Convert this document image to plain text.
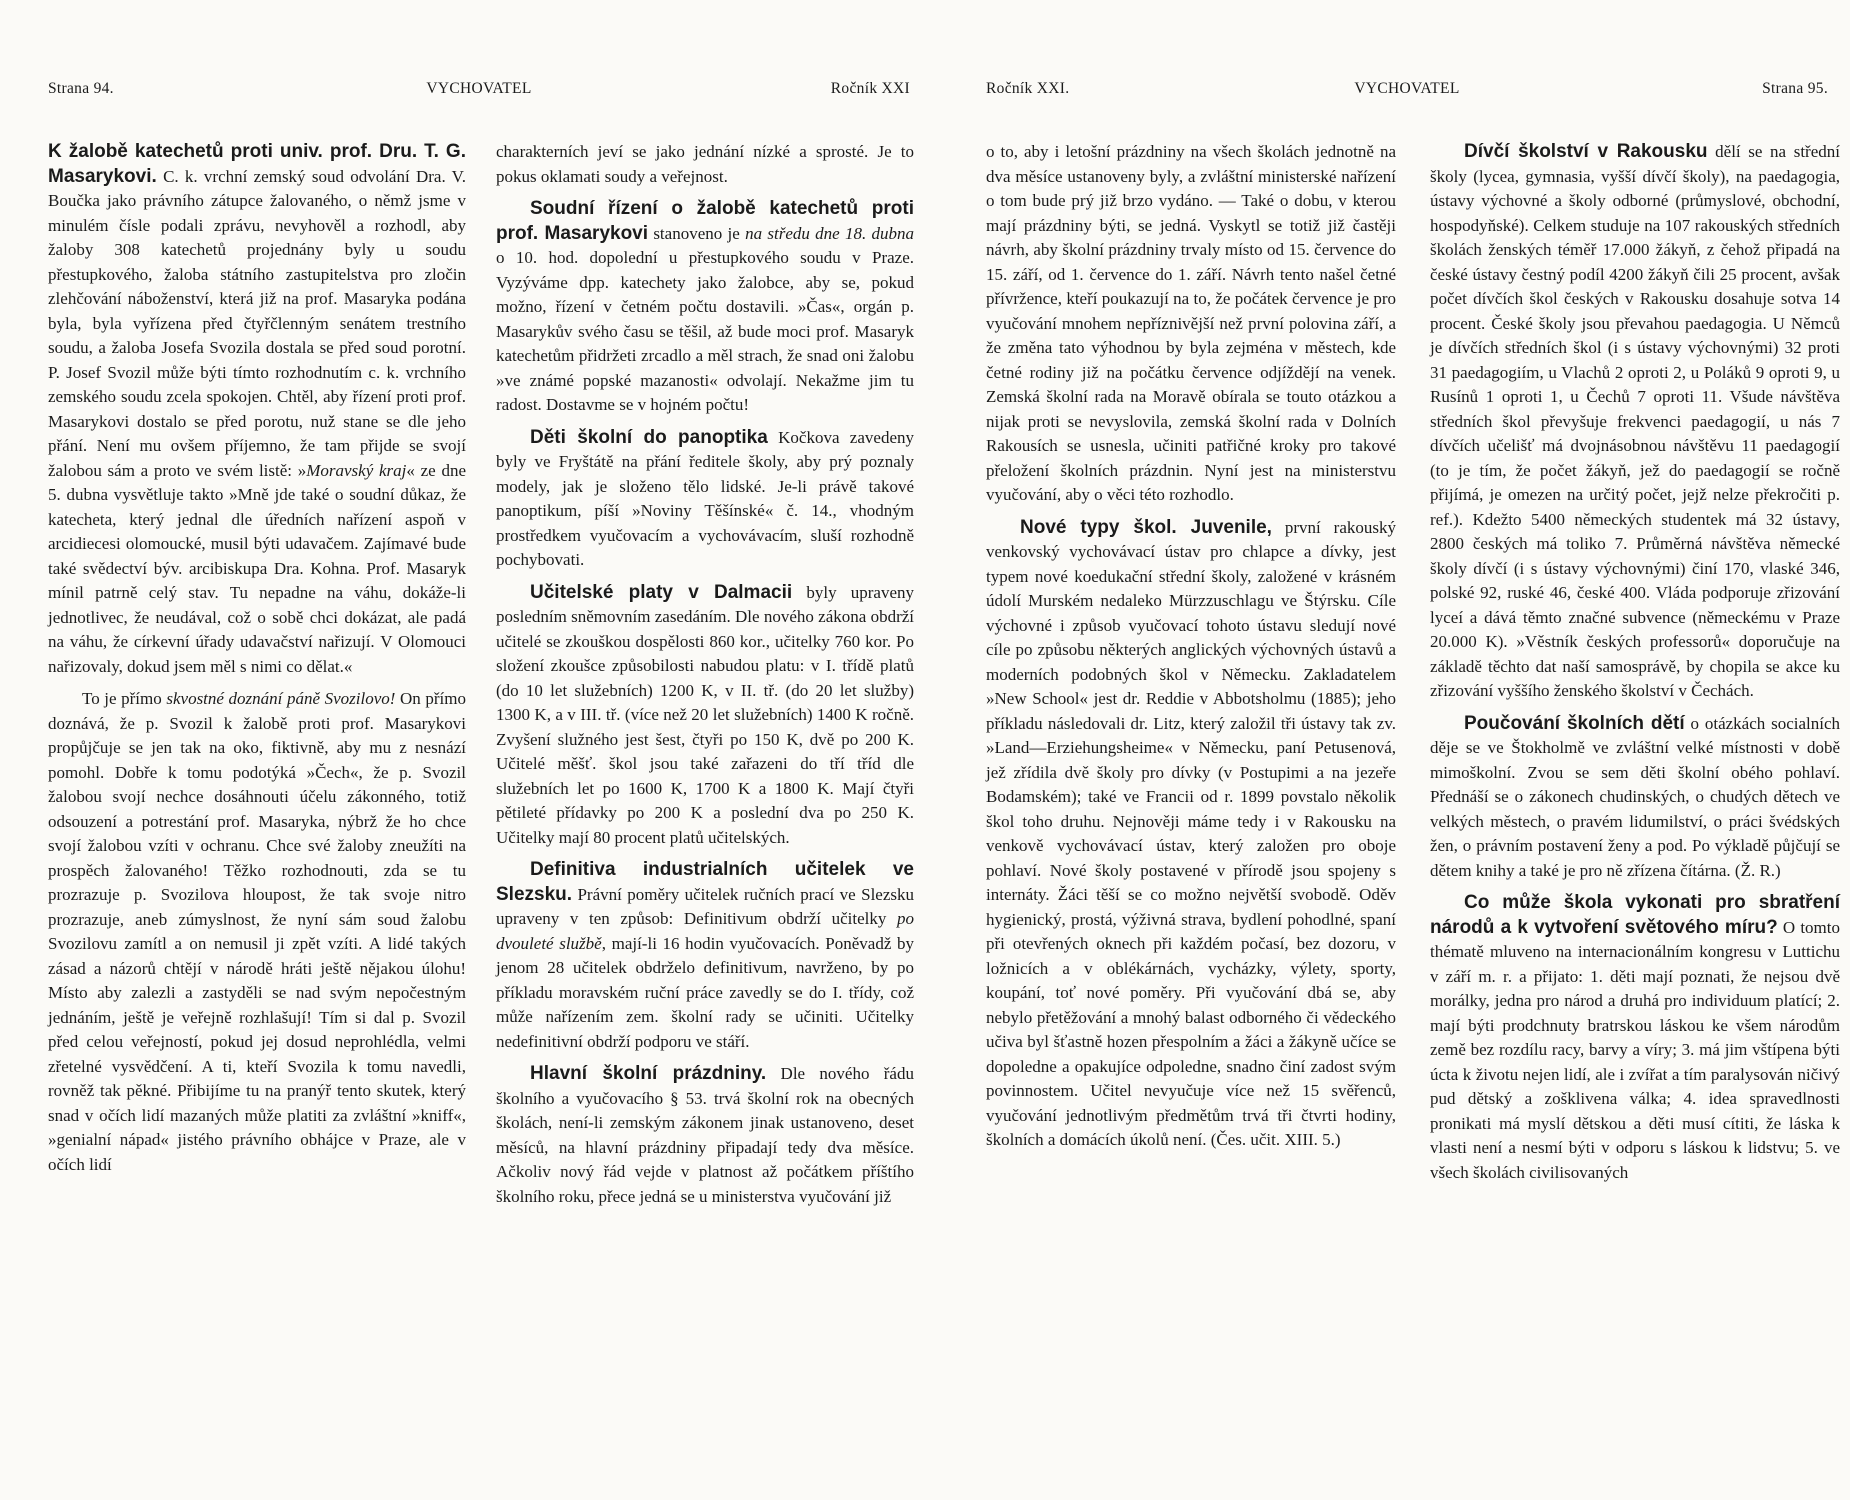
Strana 94.	VYCHOVATEL	Ročník XXI

K žalobě katechetů proti univ. prof. Dru. T. G. Masarykovi. C. k. vrchní zemský soud odvolání Dra. V. Boučka jako právního zátupce žalovaného, o němž jsme v minulém čísle podali zprávu, nevyhověl a rozhodl, aby žaloby 308 katechetů projednány byly u soudu přestupkového, žaloba státního zastupitelstva pro zločin zlehčování náboženství, která již na prof. Masaryka podána byla, byla vyřízena před čtyřčlenným senátem trestního soudu, a žaloba Josefa Svozila dostala se před soud porotní. P. Josef Svozil může býti tímto rozhodnutím c. k. vrchního zemského soudu zcela spokojen. Chtěl, aby řízení proti prof. Masarykovi dostalo se před porotu, nuž stane se dle jeho přání. Není mu ovšem příjemno, že tam přijde se svojí žalobou sám a proto ve svém listě: »Moravský kraj« ze dne 5. dubna vysvětluje takto »Mně jde také o soudní důkaz, že katecheta, který jednal dle úředních nařízení aspoň v arcidiecesi olomoucké, musil býti udavačem. Zajímavé bude také svědectví býv. arcibiskupa Dra. Kohna. Prof. Masaryk mínil patrně celý stav. Tu nepadne na váhu, dokáže-li jednotlivec, že neudával, což o sobě chci dokázat, ale padá na váhu, že církevní úřady udavačství nařizují. V Olomouci nařizovaly, dokud jsem měl s nimi co dělat.«

To je přímo skvostné doznání páně Svozilovo! On přímo doznává, že p. Svozil k žalobě proti prof. Masarykovi propůjčuje se jen tak na oko, fiktivně, aby mu z nesnází pomohl. Dobře k tomu podotýká »Čech«, že p. Svozil žalobou svojí nechce dosáhnouti účelu zákonného, totiž odsouzení a potrestání prof. Masaryka, nýbrž že ho chce svojí žalobou vzíti v ochranu. Chce své žaloby zneužíti na prospěch žalovaného! Těžko rozhodnouti, zda se tu prozrazuje p. Svozilova hloupost, že tak svoje nitro prozrazuje, aneb zúmyslnost, že nyní sám soud žalobu Svozilovu zamítl a on nemusil ji zpět vzíti. A lidé takých zásad a názorů chtějí v národě hráti ještě nějakou úlohu! Místo aby zalezli a zastyděli se nad svým nepočestným jednáním, ještě je veřejně rozhlašují! Tím si dal p. Svozil před celou veřejností, pokud jej dosud neprohlédla, velmi zřetelné vysvědčení. A ti, kteří Svozila k tomu navedli, rovněž tak pěkné. Přibijíme tu na pranýř tento skutek, který snad v očích lidí mazaných může platiti za zvláštní »kniff«, »genialní nápad« jistého právního obhájce v Praze, ale v očích lidí

charakterních jeví se jako jednání nízké a sprosté. Je to pokus oklamati soudy a veřejnost.

Soudní řízení o žalobě katechetů proti prof. Masarykovi stanoveno je na středu dne 18. dubna o 10. hod. dopolední u přestupkového soudu v Praze. Vyzýváme dpp. katechety jako žalobce, aby se, pokud možno, řízení v četném počtu dostavili. »Čas«, orgán p. Masarykův svého času se těšil, až bude moci prof. Masaryk katechetům přidržeti zrcadlo a měl strach, že snad oni žalobu »ve známé popské mazanosti« odvolají. Nekažme jim tu radost. Dostavme se v hojném počtu!

Děti školní do panoptika Kočkova zavedeny byly ve Fryštátě na přání ředitele školy, aby prý poznaly modely, jak je složeno tělo lidské. Je-li právě takové panoptikum, píší »Noviny Těšínské« č. 14., vhodným prostředkem vyučovacím a vychovávacím, sluší rozhodně pochybovati.

Učitelské platy v Dalmacii byly upraveny posledním sněmovním zasedáním. Dle nového zákona obdrží učitelé se zkouškou dospělosti 860 kor., učitelky 760 kor. Po složení zkoušce způsobilosti nabudou platu: v I. třídě platů (do 10 let služebních) 1200 K, v II. tř. (do 20 let služby) 1300 K, a v III. tř. (více než 20 let služebních) 1400 K ročně. Zvyšení služného jest šest, čtyři po 150 K, dvě po 200 K. Učitelé měšť. škol jsou také zařazeni do tří tříd dle služebních let po 1600 K, 1700 K a 1800 K. Mají čtyři pětileté přídavky po 200 K a poslední dva po 250 K. Učitelky mají 80 procent platů učitelských.

Definitiva industrialních učitelek ve Slezsku. Právní poměry učitelek ručních prací ve Slezsku upraveny v ten způsob: Definitivum obdrží učitelky po dvouleté službě, mají-li 16 hodin vyučovacích. Poněvadž by jenom 28 učitelek obdrželo definitivum, navrženo, by po příkladu moravském ruční práce zavedly se do I. třídy, což může nařízením zem. školní rady se učiniti. Učitelky nedefinitivní obdrží podporu ve stáří.

Hlavní školní prázdniny. Dle nového řádu školního a vyučovacího § 53. trvá školní rok na obecných školách, není-li zemským zákonem jinak ustanoveno, deset měsíců, na hlavní prázdniny připadají tedy dva měsíce. Ačkoliv nový řád vejde v platnost až počátkem příštího školního roku, přece jedná se u ministerstva vyučování již

Ročník XXI.	VYCHOVATEL	Strana 95.

o to, aby i letošní prázdniny na všech školách jednotně na dva měsíce ustanoveny byly, a zvláštní ministerské nařízení o tom bude prý již brzo vydáno. — Také o dobu, v kterou mají prázdniny býti, se jedná. Vyskytl se totiž již častěji návrh, aby školní prázdniny trvaly místo od 15. července do 15. září, od 1. července do 1. září. Návrh tento našel četné přívržence, kteří poukazují na to, že počátek července je pro vyučování mnohem nepříznivější než první polovina září, a že změna tato výhodnou by byla zejména v městech, kde četné rodiny již na počátku července odjíždějí na venek. Zemská školní rada na Moravě obírala se touto otázkou a nijak proti se nevyslovila, zemská školní rada v Dolních Rakousích se usnesla, učiniti patřičné kroky pro takové přeložení školních prázdnin. Nyní jest na ministerstvu vyučování, aby o věci této rozhodlo.

Nové typy škol. Juvenile, první rakouský venkovský vychovávací ústav pro chlapce a dívky, jest typem nové koedukační střední školy, založené v krásném údolí Murském nedaleko Mürzzuschlagu ve Štýrsku. Cíle výchovné i způsob vyučovací tohoto ústavu sledují nové cíle po způsobu některých anglických výchovných ústavů a moderních podobných škol v Německu. Zakladatelem »New School« jest dr. Reddie v Abbotsholmu (1885); jeho příkladu následovali dr. Litz, který založil tři ústavy tak zv. »Land—Erziehungsheime« v Německu, paní Petusenová, jež zřídila dvě školy pro dívky (v Postupimi a na jezeře Bodamském); také ve Francii od r. 1899 povstalo několik škol toho druhu. Nejnověji máme tedy i v Rakousku na venkově vychovávací ústav, který založen pro oboje pohlaví. Nové školy postavené v přírodě jsou spojeny s internáty. Žáci těší se co možno největší svobodě. Oděv hygienický, prostá, výživná strava, bydlení pohodlné, spaní při otevřených oknech při každém počasí, bez dozoru, v ložnicích a v oblékárnách, vycházky, výlety, sporty, koupání, toť nové poměry. Při vyučování dbá se, aby nebylo přetěžování a mnohý balast odborného či vědeckého učiva byl šťastně hozen přespolním a žáci a žákyně učíce se dopoledne a opakujíce odpoledne, snadno činí zadost svým povinnostem. Učitel nevyučuje více než 15 svěřenců, vyučování jednotlivým předmětům trvá tři čtvrti hodiny, školních a domácích úkolů není. (Čes. učit. XIII. 5.)

Dívčí školství v Rakousku dělí se na střední školy (lycea, gymnasia, vyšší dívčí školy), na paedagogia, ústavy výchovné a školy odborné (průmyslové, obchodní, hospodyňské). Celkem studuje na 107 rakouských středních školách ženských téměř 17.000 žákyň, z čehož připadá na české ústavy čestný podíl 4200 žákyň čili 25 procent, avšak počet dívčích škol českých v Rakousku dosahuje sotva 14 procent. České školy jsou převahou paedagogia. U Němců je dívčích středních škol (i s ústavy výchovnými) 32 proti 31 paedagogiím, u Vlachů 2 oproti 2, u Poláků 9 oproti 9, u Rusínů 1 oproti 1, u Čechů 7 oproti 11. Všude návštěva středních škol převyšuje frekvenci paedagogií, u nás 7 dívčích učelišť má dvojnásobnou návštěvu 11 paedagogií (to je tím, že počet žákyň, jež do paedagogií se ročně přijímá, je omezen na určitý počet, jejž nelze překročiti p. ref.). Kdežto 5400 německých studentek má 32 ústavy, 2800 českých má toliko 7. Průměrná návštěva německé školy dívčí (i s ústavy výchovnými) činí 170, vlaské 346, polské 92, ruské 46, české 400. Vláda podporuje zřizování lyceí a dává těmto značné subvence (německému v Praze 20.000 K). »Věstník českých professorů« doporučuje na základě těchto dat naší samosprávě, by chopila se akce ku zřizování vyššího ženského školství v Čechách.

Poučování školních dětí o otázkách socialních děje se ve Štokholmě ve zvláštní velké místnosti v době mimoškolní. Zvou se sem děti školní obého pohlaví. Přednáší se o zákonech chudinských, o chudých dětech ve velkých městech, o pravém lidumilství, o práci švédských žen, o právním postavení ženy a pod. Po výkladě půjčují se dětem knihy a také je pro ně zřízena čítárna. (Ž. R.)

Co může škola vykonati pro sbratření národů a k vytvoření světového míru? O tomto thématě mluveno na internacionálním kongresu v Luttichu v září m. r. a přijato: 1. děti mají poznati, že nejsou dvě morálky, jedna pro národ a druhá pro individuum platící; 2. mají býti prodchnuty bratrskou láskou ke všem národům země bez rozdílu racy, barvy a víry; 3. má jim vštípena býti úcta k životu nejen lidí, ale i zvířat a tím paralysován ničivý pud dětský a zošklivena válka; 4. idea spravedlnosti pronikati má myslí dětskou a děti musí cítiti, že láska k vlasti není a nesmí býti v odporu s láskou k lidstvu; 5. ve všech školách civilisovaných
